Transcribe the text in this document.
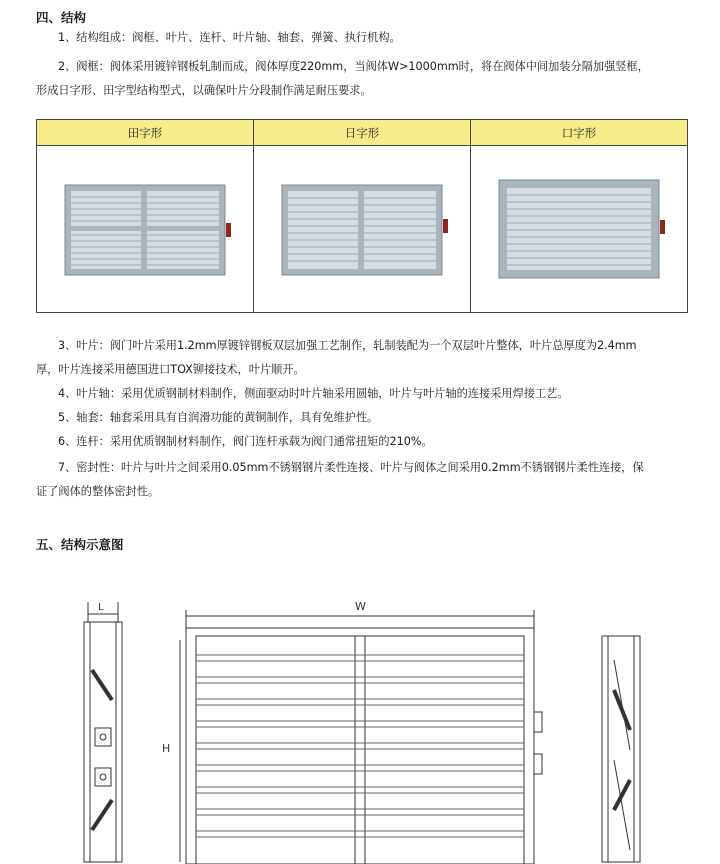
四、结构
1、结构组成：阀框、叶片、连杆、叶片轴、轴套、弹簧、执行机构。
2、阀框：阀体采用镀锌钢板轧制而成，阀体厚度220mm，当阀体W>1000mm时，将在阀体中间加装分隔加强竖框，
形成日字形、田字型结构型式，以确保叶片分段制作满足耐压要求。
田字形	日字形	口字形

3、叶片：阀门叶片采用1.2mm厚镀锌钢板双层加强工艺制作，轧制装配为一个双层叶片整体，叶片总厚度为2.4mm
厚，叶片连接采用德国进口TOX铆接技术，叶片顺开。
4、叶片轴：采用优质钢制材料制作，侧面驱动时叶片轴采用圆轴，叶片与叶片轴的连接采用焊接工艺。
5、轴套：轴套采用具有自润滑功能的黄铜制作，具有免维护性。
6、连杆：采用优质钢制材料制作，阀门连杆承载为阀门通常扭矩的210%。
7、密封性：叶片与叶片之间采用0.05mm不锈钢钢片柔性连接、叶片与阀体之间采用0.2mm不锈钢钢片柔性连接，保
证了阀体的整体密封性。
五、结构示意图
L	W
H
